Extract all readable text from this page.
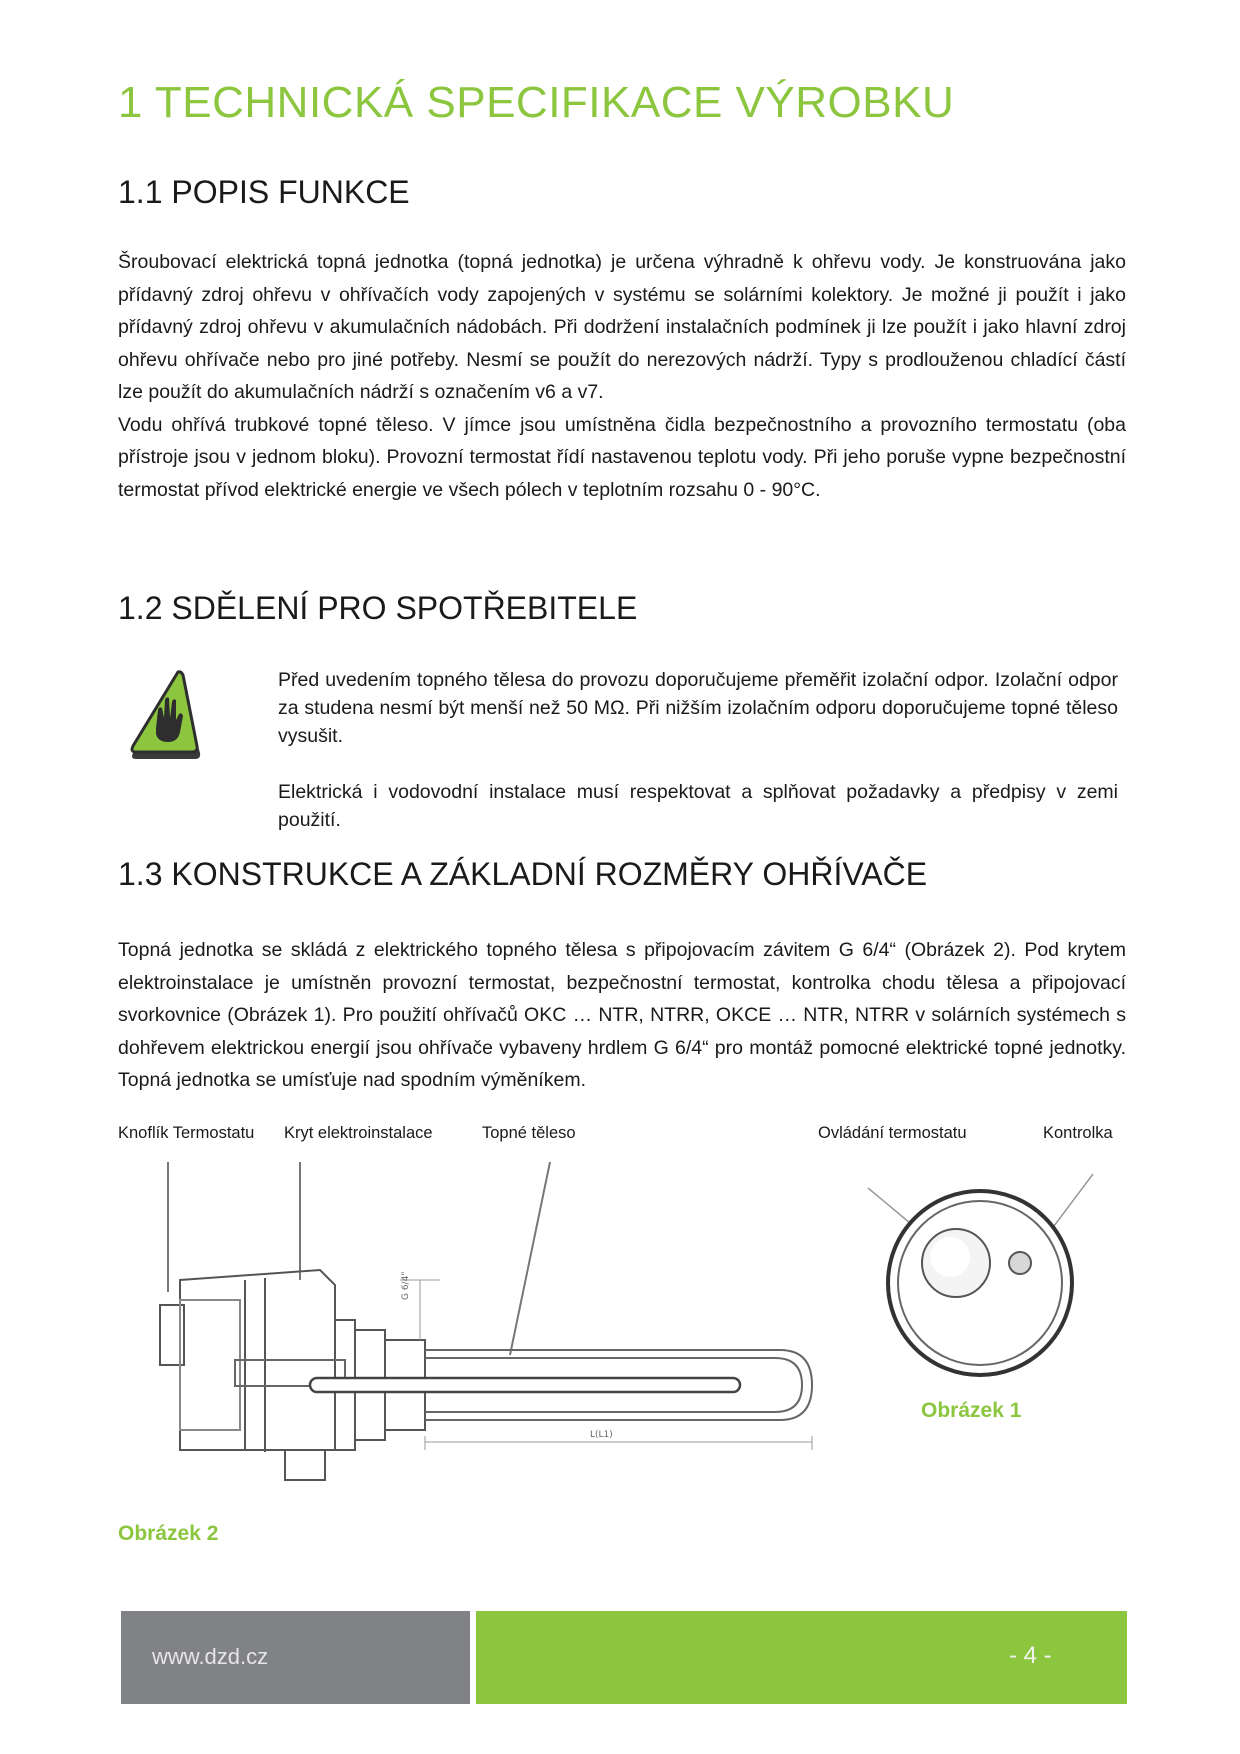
1 TECHNICKÁ SPECIFIKACE VÝROBKU
1.1 POPIS FUNKCE
Šroubovací elektrická topná jednotka (topná jednotka) je určena výhradně k ohřevu vody. Je konstruována jako přídavný zdroj ohřevu v ohřívačích vody zapojených v systému se solárními kolektory. Je možné ji použít i jako přídavný zdroj ohřevu v akumulačních nádobách. Při dodržení instalačních podmínek ji lze použít i jako hlavní zdroj ohřevu ohřívače nebo pro jiné potřeby. Nesmí se použít do nerezových nádrží. Typy s prodlouženou chladící částí lze použít do akumulačních nádrží s označením v6 a v7.
Vodu ohřívá trubkové topné těleso. V jímce jsou umístněna čidla bezpečnostního a provozního termostatu (oba přístroje jsou v jednom bloku). Provozní termostat řídí nastavenou teplotu vody. Při jeho poruše vypne bezpečnostní termostat přívod elektrické energie ve všech pólech v teplotním rozsahu 0 - 90°C.
1.2 SDĚLENÍ PRO SPOTŘEBITELE
Před uvedením topného tělesa do provozu doporučujeme přeměřit izolační odpor. Izolační odpor za studena nesmí být menší než 50 MΩ. Při nižším izolačním odporu doporučujeme topné těleso vysušit.
Elektrická i vodovodní instalace musí respektovat a splňovat požadavky a předpisy v zemi použití.
1.3 KONSTRUKCE A ZÁKLADNÍ ROZMĚRY OHŘÍVAČE
Topná jednotka se skládá z elektrického topného tělesa s připojovacím závitem G 6/4“ (Obrázek 2). Pod krytem elektroinstalace je umístněn provozní termostat, bezpečnostní termostat, kontrolka chodu tělesa a připojovací svorkovnice (Obrázek 1). Pro použití ohřívačů OKC … NTR, NTRR, OKCE … NTR, NTRR v solárních systémech s dohřevem elektrickou energií jsou ohřívače vybaveny hrdlem G 6/4“ pro montáž pomocné elektrické topné jednotky. Topná jednotka se umísťuje nad spodním výměníkem.
Knoflík Termostatu Kryt elektroinstalace	Topné těleso	Ovládání termostatu	Kontrolka
G 6/4"
L(L1)
Obrázek 1
Obrázek 2
www.dzd.cz	- 4 -
